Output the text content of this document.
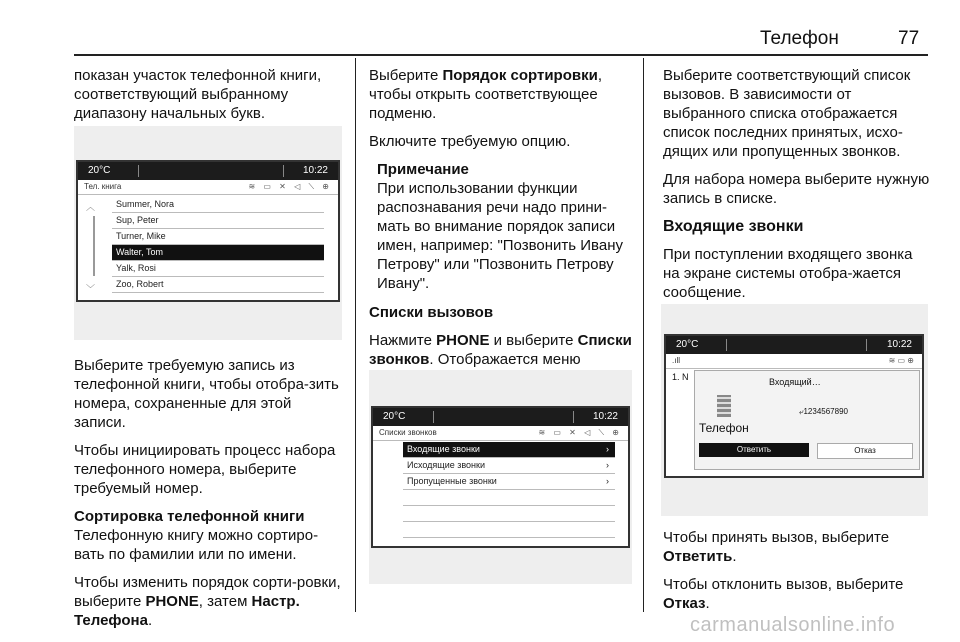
Телефон	77

показан участок телефонной книги, соответствующий выбранному диапазону начальных букв.

20°C	10:22
Тел. книга	≋ ▭ ✕ ◁ ⟍ ⊕
︿
﹀
Summer, Nora
Sup, Peter
Turner, Mike
Walter, Tom
Yalk, Rosi
Zoo, Robert

Выберите требуемую запись из телефонной книги, чтобы отобра-зить номера, сохраненные для этой записи.

Чтобы инициировать процесс набора телефонного номера, выберите требуемый номер.

Сортировка телефонной книги

Телефонную книгу можно сортиро-вать по фамилии или по имени.

Чтобы изменить порядок сорти-ровки, выберите PHONE, затем Настр. Телефона.

Выберите Порядок сортировки, чтобы открыть соответствующее подменю.

Включите требуемую опцию.

Примечание

При использовании функции распознавания речи надо прини-мать во внимание порядок записи имен, например: "Позвонить Ивану Петрову" или "Позвонить Петрову Ивану".

Списки вызовов

Нажмите PHONE и выберите Списки звонков. Отображается меню

20°C	10:22
Списки звонков	≋ ▭ ✕ ◁ ⟍ ⊕
Входящие звонки	›
Исходящие звонки	›
Пропущенные звонки	›

Выберите соответствующий список вызовов. В зависимости от выбранного списка отображается список последних принятых, исхо-дящих или пропущенных звонков.

Для набора номера выберите нужную запись в списке.

Входящие звонки

При поступлении входящего звонка на экране системы отобра-жается сообщение.

20°C	10:22
.ıll	≋ ▭ ⊕
1. N	Входящий…
⤶1234567890
Телефон
Ответить	Отказ

Чтобы принять вызов, выберите Ответить.

Чтобы отклонить вызов, выберите Отказ.

carmanualsonline.info
